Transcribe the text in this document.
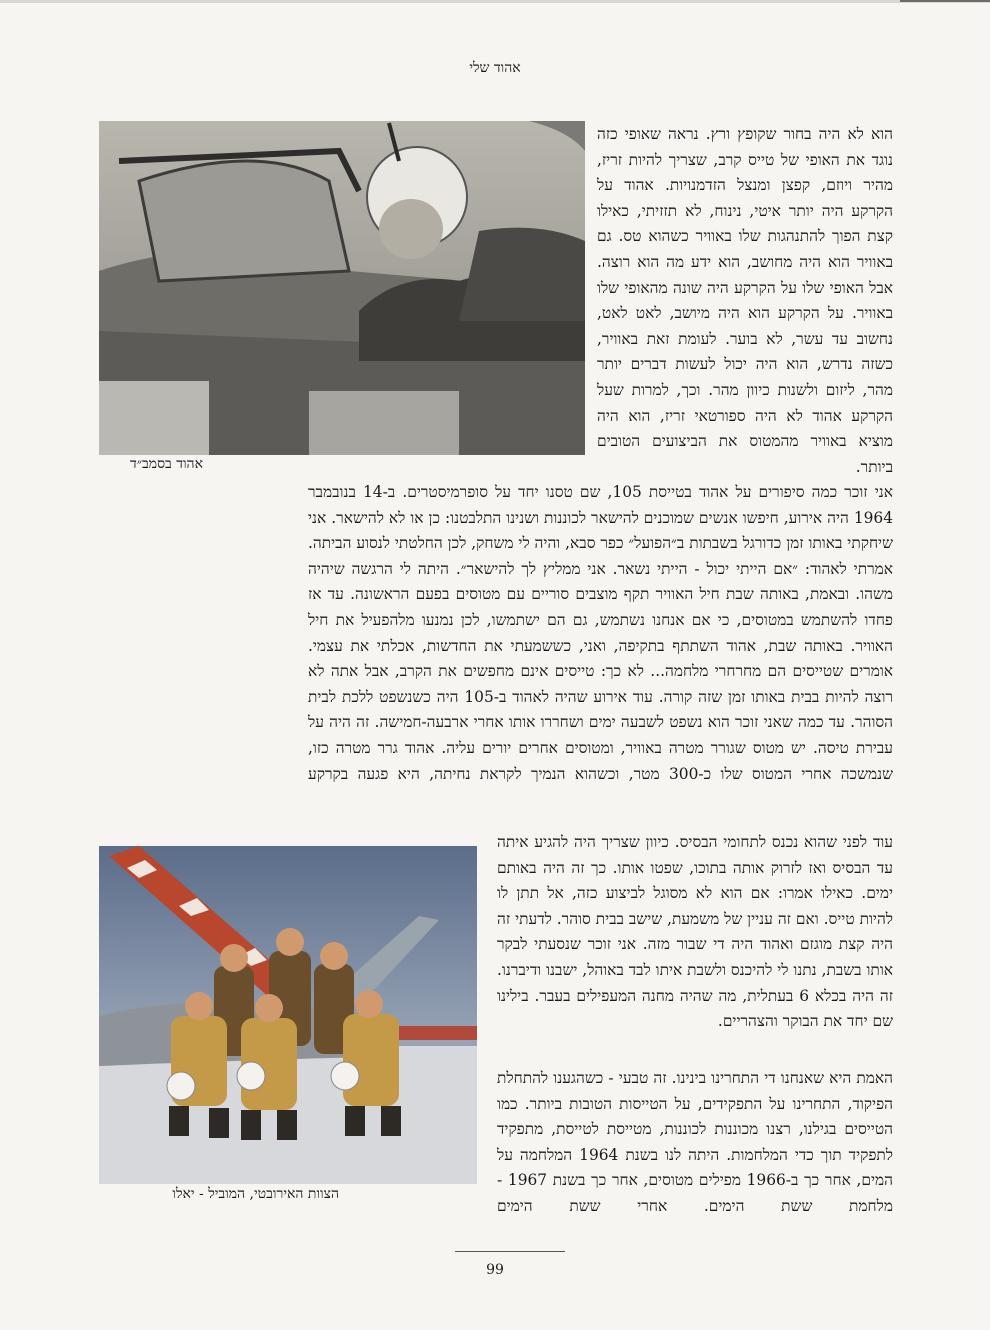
אהוד שלי
אהוד בסמב״ד

הוא לא היה בחור שקופץ ורץ. נראה שאופי כזה נוגד את האופי של טייס קרב, שצריך להיות זריז, מהיר ויוזם, קפצן ומנצל הזדמנויות. אהוד על הקרקע היה יותר איטי, נינוח, לא תזזיתי, כאילו קצת הפוך להתנהגות שלו באוויר כשהוא טס. גם באוויר הוא היה מחושב, הוא ידע מה הוא רוצה. אבל האופי שלו על הקרקע היה שונה מהאופי שלו באוויר. על הקרקע הוא היה מיושב, לאט לאט, נחשוב עד עשר, לא בוער. לעומת זאת באוויר, כשזה נדרש, הוא היה יכול לעשות דברים יותר מהר, ליזום ולשנות כיוון מהר. וכך, למרות שעל הקרקע אהוד לא היה ספורטאי זריז, הוא היה מוציא באוויר מהמטוס את הביצועים הטובים ביותר.

אני זוכר כמה סיפורים על אהוד בטייסת 105, שם טסנו יחד על סופרמיסטרים. ב-14 בנובמבר 1964 היה אירוע, חיפשו אנשים שמוכנים להישאר לכוננות ושנינו התלבטנו: כן או לא להישאר. אני שיחקתי באותו זמן כדורגל בשבתות ב״הפועל״ כפר סבא, והיה לי משחק, לכן החלטתי לנסוע הביתה. אמרתי לאהוד: ״אם הייתי יכול - הייתי נשאר. אני ממליץ לך להישאר״. היתה לי הרגשה שיהיה משהו. ובאמת, באותה שבת חיל האוויר תקף מוצבים סוריים עם מטוסים בפעם הראשונה. עד אז פחדו להשתמש במטוסים, כי אם אנחנו נשתמש, גם הם ישתמשו, לכן נמנעו מלהפעיל את חיל האוויר. באותה שבת, אהוד השתתף בתקיפה, ואני, כששמעתי את החדשות, אכלתי את עצמי. אומרים שטייסים הם מחרחרי מלחמה... לא כך: טייסים אינם מחפשים את הקרב, אבל אתה לא רוצה להיות בבית באותו זמן שזה קורה. עוד אירוע שהיה לאהוד ב-105 היה כשנשפט ללכת לבית הסוהר. עד כמה שאני זוכר הוא נשפט לשבעה ימים ושחררו אותו אחרי ארבעה-חמישה. זה היה על עבירת טיסה. יש מטוס שגורר מטרה באוויר, ומטוסים אחרים יורים עליה. אהוד גרר מטרה כזו, שנמשכה אחרי המטוס שלו כ-300 מטר, וכשהוא הנמיך לקראת נחיתה, היא פגעה בקרקע

הצוות האירובטי, המוביל - יאלו

עוד לפני שהוא נכנס לתחומי הבסיס. כיוון שצריך היה להגיע איתה עד הבסיס ואז לזרוק אותה בתוכו, שפטו אותו. כך זה היה באותם ימים. כאילו אמרו: אם הוא לא מסוגל לביצוע כזה, אל תתן לו להיות טייס. ואם זה עניין של משמעת, שישב בבית סוהר. לדעתי זה היה קצת מוגזם ואהוד היה די שבור מזה. אני זוכר שנסעתי לבקר אותו בשבת, נתנו לי להיכנס ולשבת איתו לבד באוהל, ישבנו ודיברנו. זה היה בכלא 6 בעתלית, מה שהיה מחנה המעפילים בעבר. בילינו שם יחד את הבוקר והצהריים.

האמת היא שאנחנו די התחרינו בינינו. זה טבעי - כשהגענו להתחלת הפיקוד, התחרינו על התפקידים, על הטייסות הטובות ביותר. כמו הטייסים בגילנו, רצנו מכוננות לכוננות, מטייסת לטייסת, מתפקיד לתפקיד תוך כדי המלחמות. היתה לנו בשנת 1964 המלחמה על המים, אחר כך ב-1966 מפילים מטוסים, אחר כך בשנת 1967 - מלחמת ששת הימים. אחרי ששת הימים

99
